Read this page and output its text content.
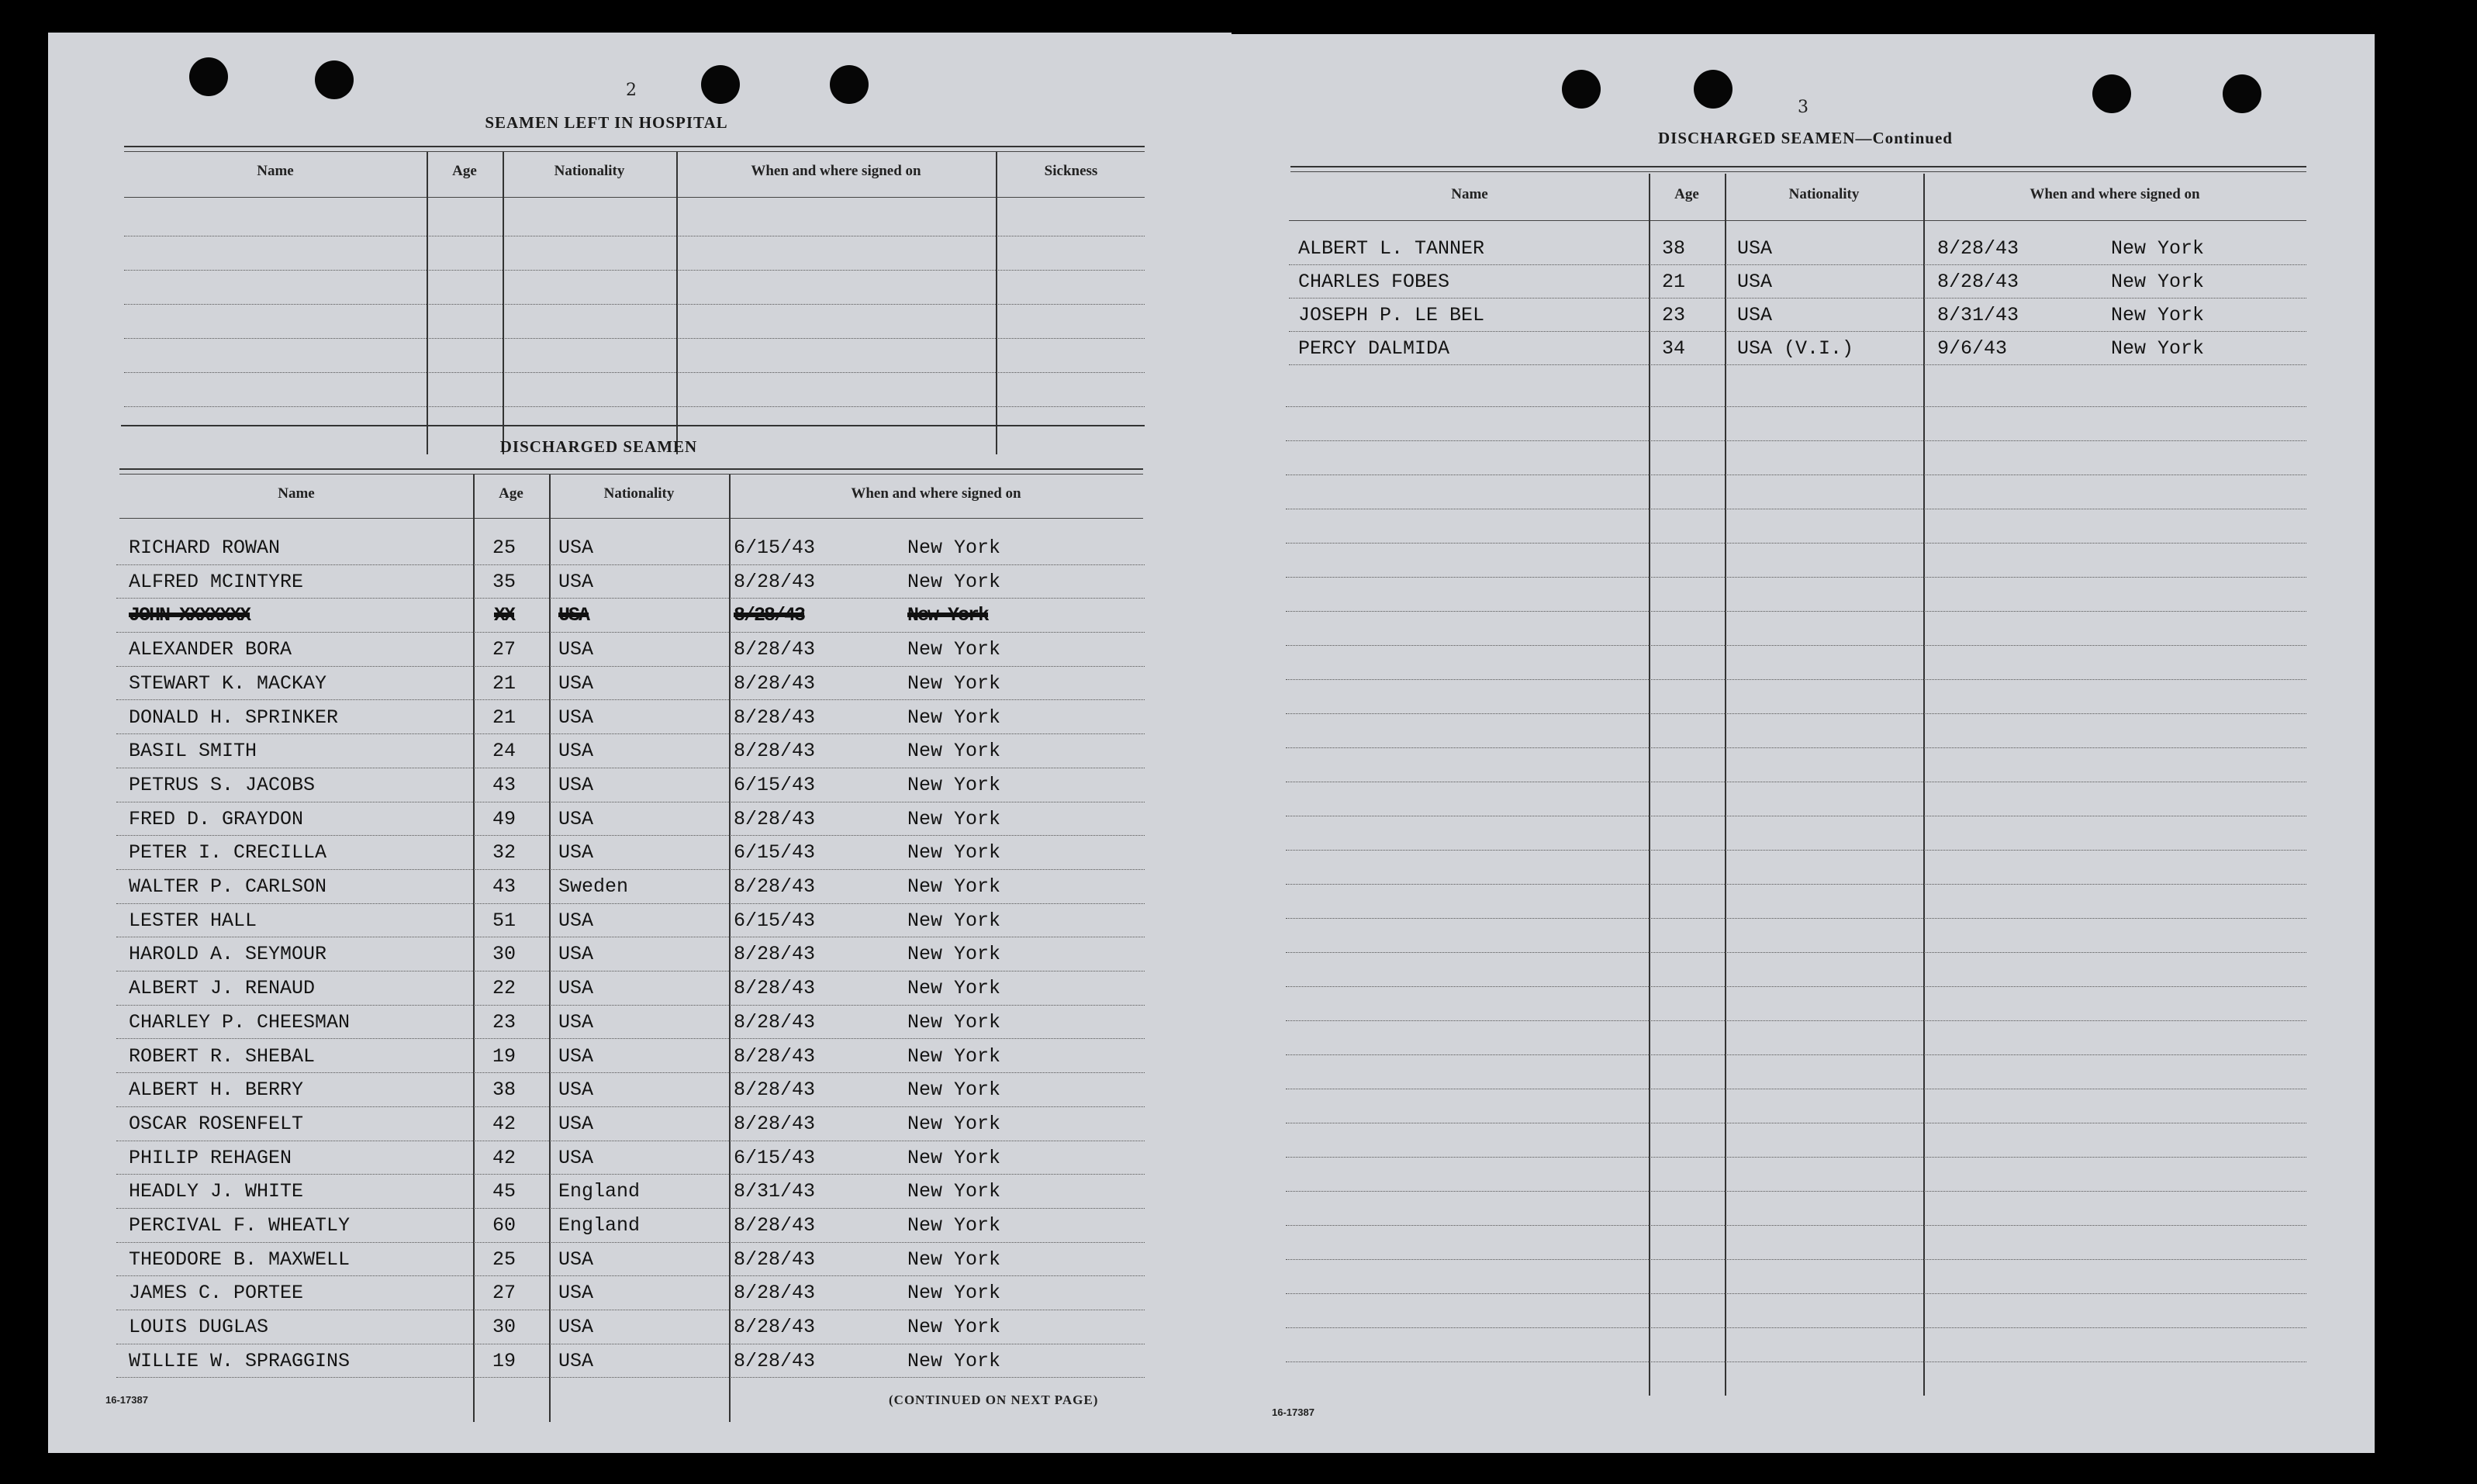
2
SEAMEN LEFT IN HOSPITAL
Name	Age	Nationality	When and where signed on	Sickness
DISCHARGED SEAMEN
Name	Age	Nationality	When and where signed on
RICHARD ROWAN	25	USA	6/15/43	New York
ALFRED MCINTYRE	35	USA	8/28/43	New York
JOHN XXXXXXX	XX	USA	8/28/43	New York
ALEXANDER BORA	27	USA	8/28/43	New York
STEWART K. MACKAY	21	USA	8/28/43	New York
DONALD H. SPRINKER	21	USA	8/28/43	New York
BASIL SMITH	24	USA	8/28/43	New York
PETRUS S. JACOBS	43	USA	6/15/43	New York
FRED D. GRAYDON	49	USA	8/28/43	New York
PETER I. CRECILLA	32	USA	6/15/43	New York
WALTER P. CARLSON	43	Sweden	8/28/43	New York
LESTER HALL	51	USA	6/15/43	New York
HAROLD A. SEYMOUR	30	USA	8/28/43	New York
ALBERT J. RENAUD	22	USA	8/28/43	New York
CHARLEY P. CHEESMAN	23	USA	8/28/43	New York
ROBERT R. SHEBAL	19	USA	8/28/43	New York
ALBERT H. BERRY	38	USA	8/28/43	New York
OSCAR ROSENFELT	42	USA	8/28/43	New York
PHILIP REHAGEN	42	USA	6/15/43	New York
HEADLY J. WHITE	45	England	8/31/43	New York
PERCIVAL F. WHEATLY	60	England	8/28/43	New York
THEODORE B. MAXWELL	25	USA	8/28/43	New York
JAMES C. PORTEE	27	USA	8/28/43	New York
LOUIS DUGLAS	30	USA	8/28/43	New York
WILLIE W. SPRAGGINS	19	USA	8/28/43	New York
16-17387	(CONTINUED ON NEXT PAGE)
3
DISCHARGED SEAMEN—Continued
Name	Age	Nationality	When and where signed on
ALBERT L. TANNER	38	USA	8/28/43	New York
CHARLES FOBES	21	USA	8/28/43	New York
JOSEPH P. LE BEL	23	USA	8/31/43	New York
PERCY DALMIDA	34	USA (V.I.)	9/6/43	New York
16-17387
